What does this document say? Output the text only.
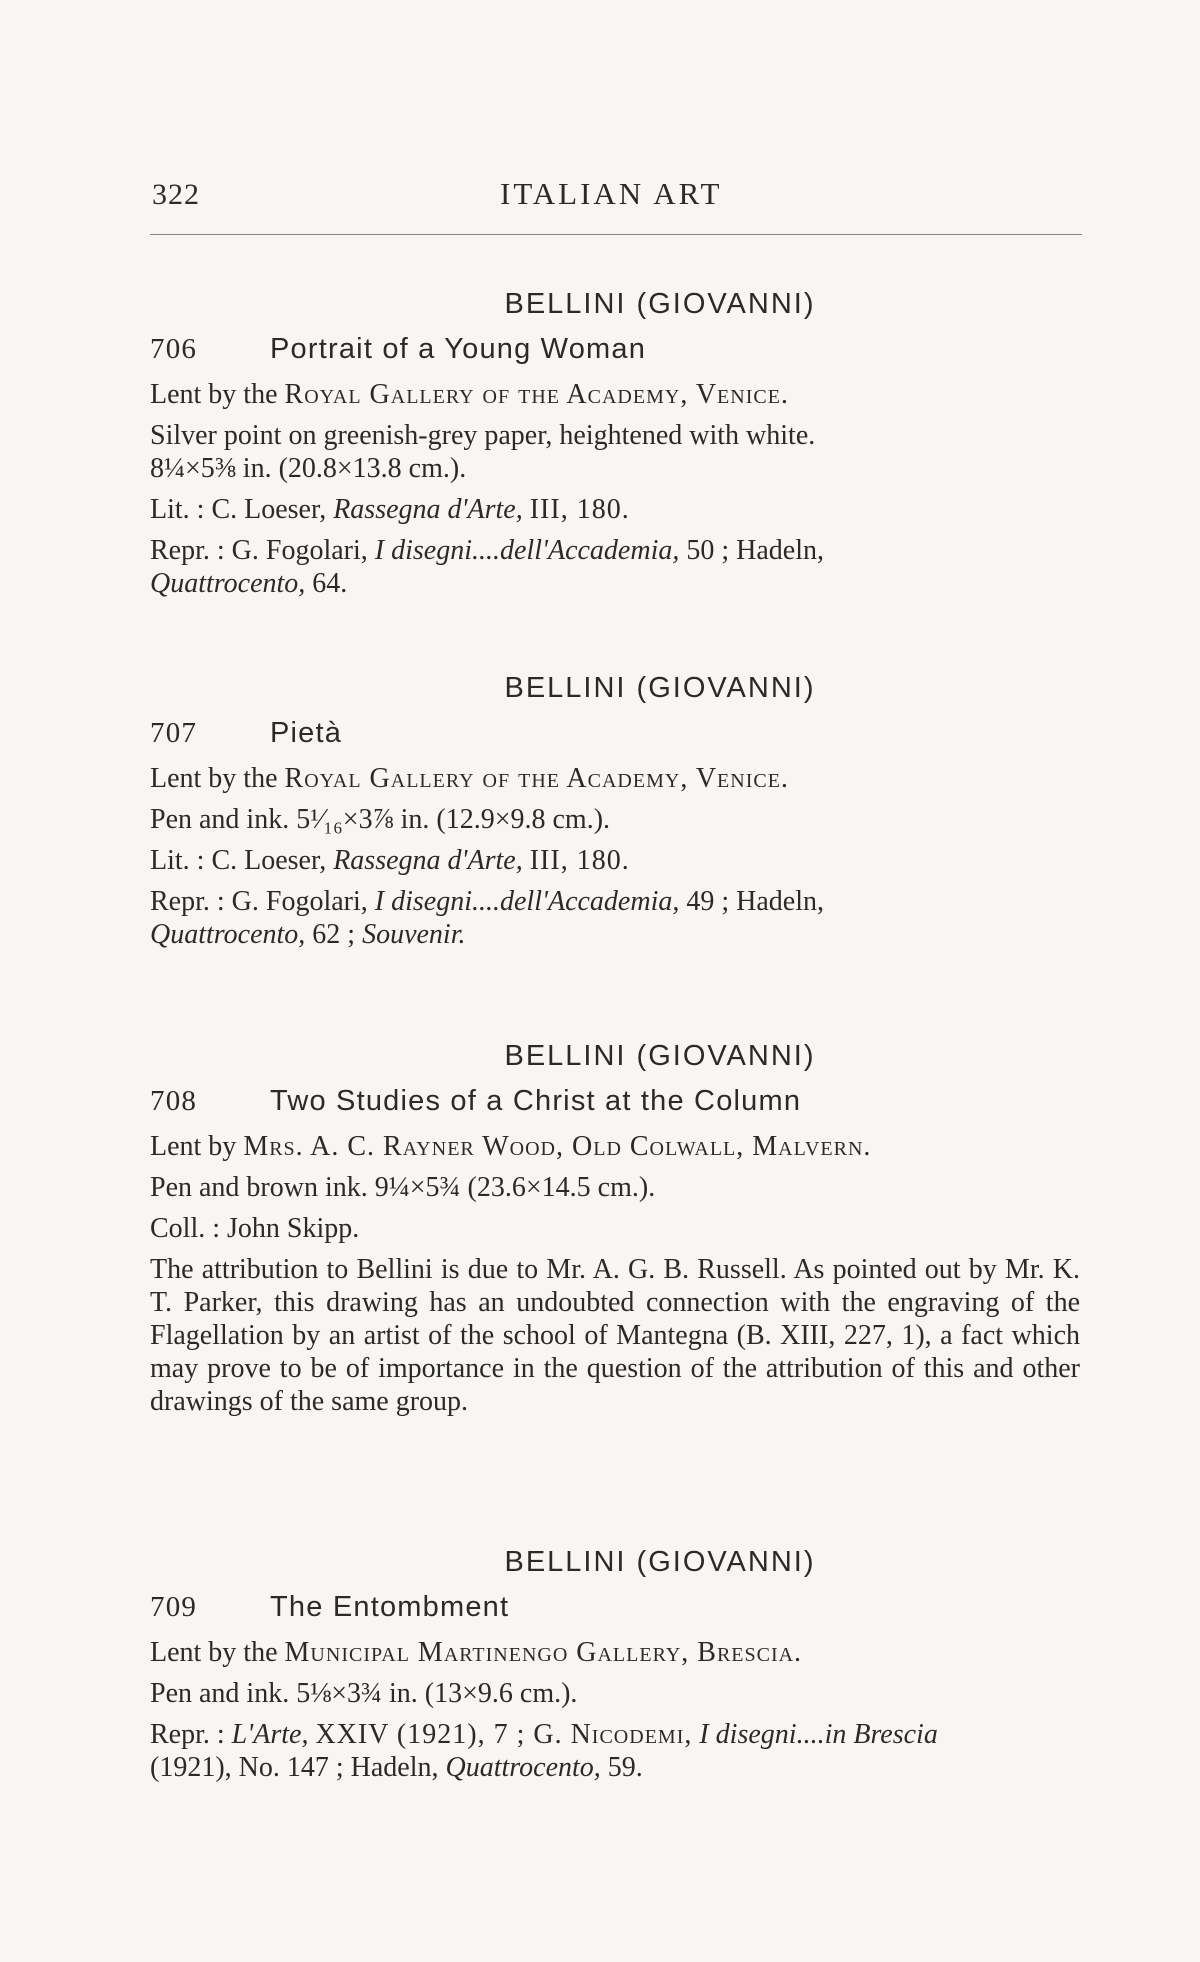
322	ITALIAN ART
BELLINI (GIOVANNI)
706	Portrait of a Young Woman
Lent by the Royal Gallery of the Academy, Venice.
Silver point on greenish-grey paper, heightened with white.
8¼×5⅜ in. (20.8×13.8 cm.).
Lit. : C. Loeser, Rassegna d'Arte, III, 180.
Repr. : G. Fogolari, I disegni....dell'Accademia, 50 ; Hadeln,
Quattrocento, 64.
BELLINI (GIOVANNI)
707	Pietà
Lent by the Royal Gallery of the Academy, Venice.
Pen and ink. 5¹⁄₁₆×3⅞ in. (12.9×9.8 cm.).
Lit. : C. Loeser, Rassegna d'Arte, III, 180.
Repr. : G. Fogolari, I disegni....dell'Accademia, 49 ; Hadeln,
Quattrocento, 62 ; Souvenir.
BELLINI (GIOVANNI)
708	Two Studies of a Christ at the Column
Lent by Mrs. A. C. Rayner Wood, Old Colwall, Malvern.
Pen and brown ink. 9¼×5¾ (23.6×14.5 cm.).
Coll. : John Skipp.
The attribution to Bellini is due to Mr. A. G. B. Russell. As pointed out by Mr. K. T. Parker, this drawing has an undoubted connection with the engraving of the Flagellation by an artist of the school of Mantegna (B. XIII, 227, 1), a fact which may prove to be of importance in the question of the attribution of this and other drawings of the same group.
BELLINI (GIOVANNI)
709	The Entombment
Lent by the Municipal Martinengo Gallery, Brescia.
Pen and ink. 5⅛×3¾ in. (13×9.6 cm.).
Repr. : L'Arte, XXIV (1921), 7 ; G. Nicodemi, I disegni....in Brescia
(1921), No. 147 ; Hadeln, Quattrocento, 59.
